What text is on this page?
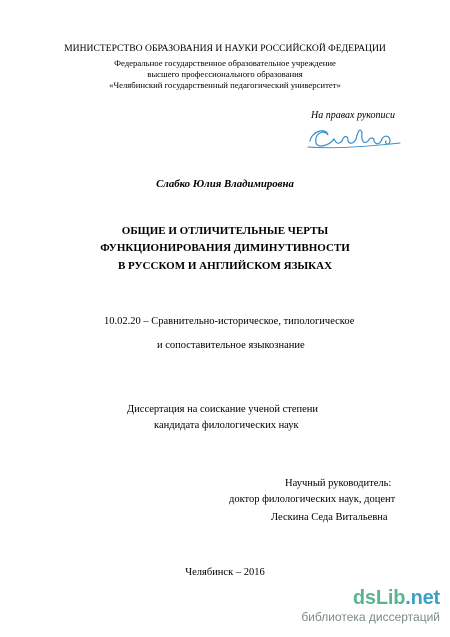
МИНИСТЕРСТВО ОБРАЗОВАНИЯ И НАУКИ РОССИЙСКОЙ ФЕДЕРАЦИИ
Федеральное государственное образовательное учреждение
высшего профессионального образования
«Челябинский государственный педагогический университет»
На правах рукописи
Слабко Юлия Владимировна
ОБЩИЕ И ОТЛИЧИТЕЛЬНЫЕ ЧЕРТЫ
ФУНКЦИОНИРОВАНИЯ ДИМИНУТИВНОСТИ
В РУССКОМ И АНГЛИЙСКОМ ЯЗЫКАХ
10.02.20 – Сравнительно-историческое, типологическое
и сопоставительное языкознание
Диссертация на соискание ученой степени
кандидата филологических наук
Научный руководитель:
доктор филологических наук, доцент
Лескина Седа Витальевна
Челябинск – 2016
dsLib.net
библиотека диссертаций
